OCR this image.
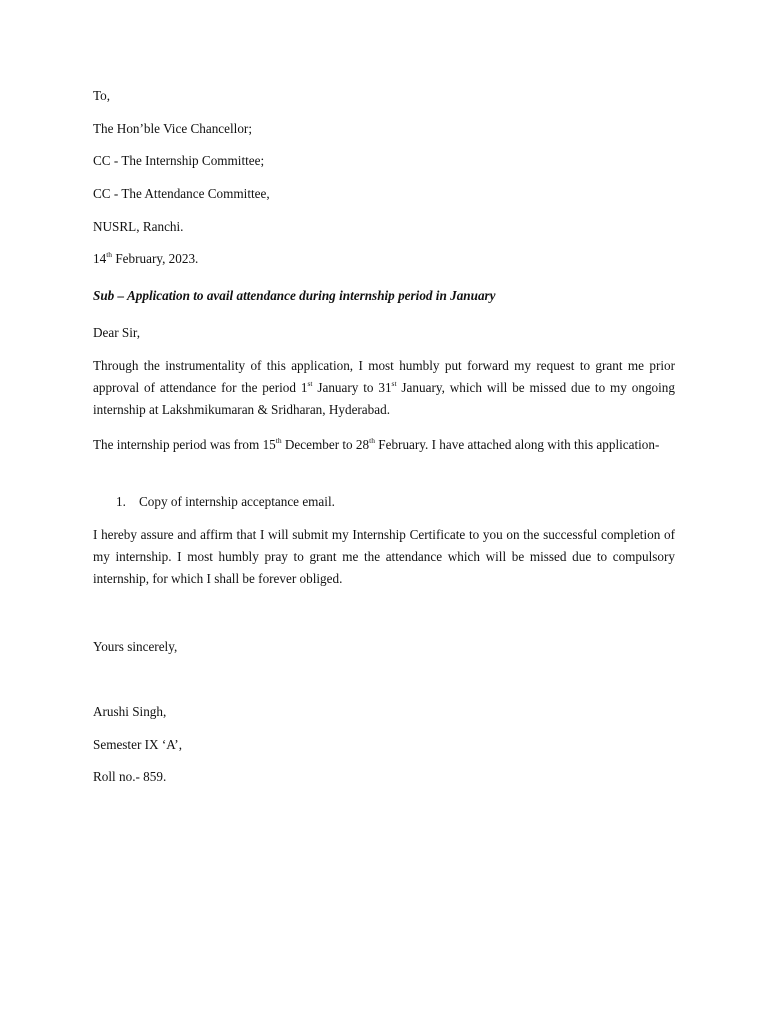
To,
The Hon’ble Vice Chancellor;
CC - The Internship Committee;
CC - The Attendance Committee,
NUSRL, Ranchi.
14th February, 2023.
Sub – Application to avail attendance during internship period in January
Dear Sir,
Through the instrumentality of this application, I most humbly put forward my request to grant me prior approval of attendance for the period 1st January to 31st January, which will be missed due to my ongoing internship at Lakshmikumaran & Sridharan, Hyderabad.
The internship period was from 15th December to 28th February. I have attached along with this application-
1. Copy of internship acceptance email.
I hereby assure and affirm that I will submit my Internship Certificate to you on the successful completion of my internship. I most humbly pray to grant me the attendance which will be missed due to compulsory internship, for which I shall be forever obliged.
Yours sincerely,
Arushi Singh,
Semester IX ‘A’,
Roll no.- 859.
